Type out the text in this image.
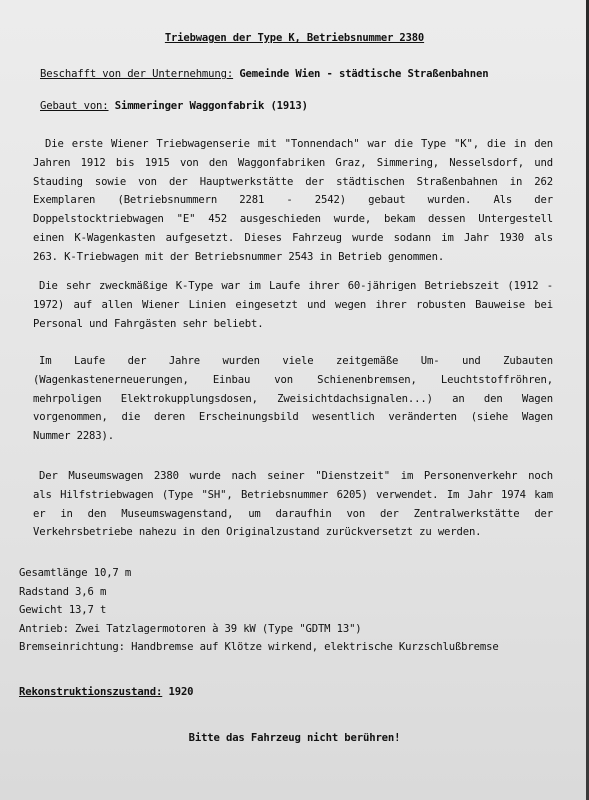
Triebwagen der Type K, Betriebsnummer 2380
Beschafft von der Unternehmung: Gemeinde Wien - städtische Straßenbahnen
Gebaut von: Simmeringer Waggonfabrik (1913)
Die erste Wiener Triebwagenserie mit "Tonnendach" war die Type "K", die in den
Jahren 1912 bis 1915 von den Waggonfabriken Graz, Simmering, Nesselsdorf, und
Stauding sowie von der Hauptwerkstätte der städtischen Straßenbahnen in 262
Exemplaren (Betriebsnummern 2281 - 2542) gebaut wurden. Als der
Doppelstocktriebwagen "E" 452 ausgeschieden wurde, bekam dessen Untergestell
einen K-Wagenkasten aufgesetzt. Dieses Fahrzeug wurde sodann im Jahr 1930 als
263. K-Triebwagen mit der Betriebsnummer 2543 in Betrieb genommen.
Die sehr zweckmäßige K-Type war im Laufe ihrer 60-jährigen Betriebszeit (1912 -
1972) auf allen Wiener Linien eingesetzt und wegen ihrer robusten Bauweise bei
Personal und Fahrgästen sehr beliebt.
Im Laufe der Jahre wurden viele zeitgemäße Um- und Zubauten
(Wagenkastenerneuerungen, Einbau von Schienenbremsen, Leuchtstoffröhren,
mehrpoligen Elektrokupplungsdosen, Zweisichtdachsignalen...) an den Wagen
vorgenommen, die deren Erscheinungsbild wesentlich veränderten (siehe Wagen
Nummer 2283).
Der Museumswagen 2380 wurde nach seiner "Dienstzeit" im Personenverkehr noch
als Hilfstriebwagen (Type "SH", Betriebsnummer 6205) verwendet. Im Jahr 1974 kam
er in den Museumswagenstand, um daraufhin von der Zentralwerkstätte der
Verkehrsbetriebe nahezu in den Originalzustand zurückversetzt zu werden.
Gesamtlänge 10,7 m
Radstand 3,6 m
Gewicht 13,7 t
Antrieb: Zwei Tatzlagermotoren à 39 kW (Type "GDTM 13")
Bremseinrichtung: Handbremse auf Klötze wirkend, elektrische Kurzschlußbremse
Rekonstruktionszustand: 1920
Bitte das Fahrzeug nicht berühren!
